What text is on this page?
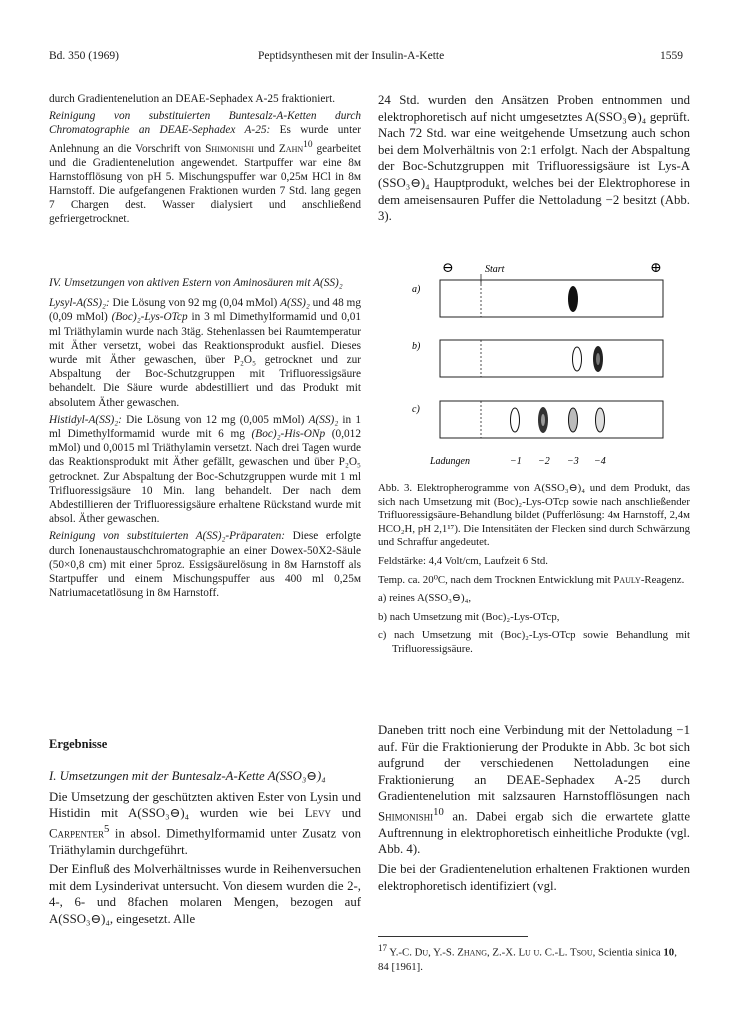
Bd. 350 (1969)	Peptidsynthesen mit der Insulin-A-Kette	1559

durch Gradientenelution an DEAE-Sephadex A-25 fraktioniert.

Reinigung von substituierten Buntesalz-A-Ketten durch Chromatographie an DEAE-Sephadex A-25: Es wurde unter Anlehnung an die Vorschrift von Shimonishi und Zahn$^{10}$ gearbeitet und die Gradientenelution angewendet. Startpuffer war eine 8м Harnstofflösung von pH 5. Mischungspuffer war 0,25м HCl in 8м Harnstoff. Die aufgefangenen Fraktionen wurden 7 Std. lang gegen 7 Chargen dest. Wasser dialysiert und anschließend gefriergetrocknet.

IV. Umsetzungen von aktiven Estern von Aminosäuren mit A(SS)₂

Lysyl-A(SS)₂: Die Lösung von 92 mg (0,04 mMol) A(SS)₂ und 48 mg (0,09 mMol) (Boc)₂-Lys-OTcp in 3 ml Dimethylformamid und 0,01 ml Triäthylamin wurde nach 3täg. Stehenlassen bei Raumtemperatur mit Äther versetzt, wobei das Reaktionsprodukt ausfiel. Dieses wurde mit Äther gewaschen, über P₂O₅ getrocknet und zur Abspaltung der Boc-Schutzgruppen mit Trifluoressigsäure behandelt. Die Säure wurde abdestilliert und das Produkt mit absolutem Äther gewaschen.

Histidyl-A(SS)₂: Die Lösung von 12 mg (0,005 mMol) A(SS)₂ in 1 ml Dimethylformamid wurde mit 6 mg (Boc)₂-His-ONp (0,012 mMol) und 0,0015 ml Triäthylamin versetzt. Nach drei Tagen wurde das Reaktionsprodukt mit Äther gefällt, gewaschen und über P₂O₅ getrocknet. Zur Abspaltung der Boc-Schutzgruppen wurde mit 1 ml Trifluoressigsäure 10 Min. lang behandelt. Der nach dem Abdestillieren der Trifluoressigsäure erhaltene Rückstand wurde mit absol. Äther gewaschen.

Reinigung von substituierten A(SS)₂-Präparaten: Diese erfolgte durch Ionenaustauschchromatographie an einer Dowex-50X2-Säule (50×0,8 cm) mit einer 5proz. Essigsäurelösung in 8м Harnstoff als Startpuffer und einem Mischungspuffer aus 400 ml 0,25м Natriumacetatlösung in 8м Harnstoff.

Ergebnisse

I. Umsetzungen mit der Buntesalz-A-Kette A(SSO₃⊖)₄

Die Umsetzung der geschützten aktiven Ester von Lysin und Histidin mit A(SSO₃⊖)₄ wurden wie bei Levy und Carpenter$^5$ in absol. Dimethylformamid unter Zusatz von Triäthylamin durchgeführt.

Der Einfluß des Molverhältnisses wurde in Reihenversuchen mit dem Lysinderivat untersucht. Von diesem wurden die 2-, 4-, 6- und 8fachen molaren Mengen, bezogen auf A(SSO₃⊖)₄, eingesetzt. Alle

24 Std. wurden den Ansätzen Proben entnommen und elektrophoretisch auf nicht umgesetztes A(SSO₃⊖)₄ geprüft. Nach 72 Std. war eine weitgehende Umsetzung auch schon bei dem Molverhältnis von 2:1 erfolgt. Nach der Abspaltung der Boc-Schutzgruppen mit Trifluoressigsäure ist Lys-A (SSO₃⊖)₄ Hauptprodukt, welches bei der Elektrophorese in dem ameisensauren Puffer die Nettoladung −2 besitzt (Abb. 3).

⊖	Start	⊕
a)
b)
c)
Ladungen	−1 −2 −3 −4

Abb. 3. Elektropherogramme von A(SSO₃⊖)₄ und dem Produkt, das sich nach Umsetzung mit (Boc)₂-Lys-OTcp sowie nach anschließender Trifluoressigsäure-Behandlung bildet (Pufferlösung: 4м Harnstoff, 2,4м HCO₂H, pH 2,1¹⁷). Die Intensitäten der Flecken sind durch Schwärzung und Schraffur angedeutet.

Feldstärke: 4,4 Volt/cm, Laufzeit 6 Std.

Temp. ca. 20⁰C, nach dem Trocknen Entwicklung mit Pauly-Reagenz.

a) reines A(SSO₃⊖)₄,

b) nach Umsetzung mit (Boc)₂-Lys-OTcp,

c) nach Umsetzung mit (Boc)₂-Lys-OTcp sowie Behandlung mit Trifluoressigsäure.

Daneben tritt noch eine Verbindung mit der Nettoladung −1 auf. Für die Fraktionierung der Produkte in Abb. 3c bot sich aufgrund der verschiedenen Nettoladungen eine Fraktionierung an DEAE-Sephadex A-25 durch Gradientenelution mit salzsauren Harnstofflösungen nach Shimonishi$^{10}$ an. Dabei ergab sich die erwartete glatte Auftrennung in elektrophoretisch einheitliche Produkte (vgl. Abb. 4).

Die bei der Gradientenelution erhaltenen Fraktionen wurden elektrophoretisch identifiziert (vgl.

$^{17}$ Y.-C. Du, Y.-S. Zhang, Z.-X. Lu u. C.-L. Tsou, Scientia sinica 10, 84 [1961].
